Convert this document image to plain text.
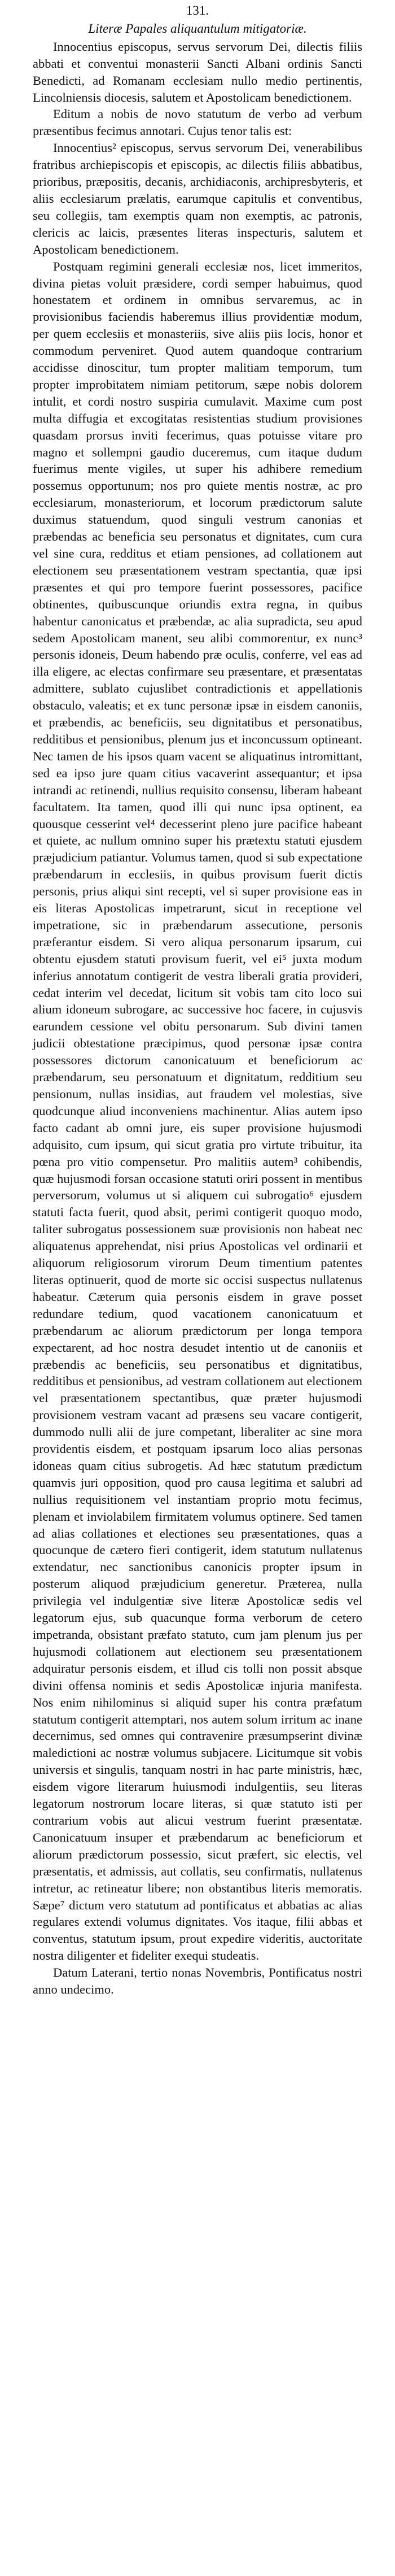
131.
Literæ Papales aliquantulum mitigatoriæ.

Innocentius episcopus, servus servorum Dei, dilectis filiis abbati et conventui monasterii Sancti Albani ordinis Sancti Benedicti, ad Romanam ecclesiam nullo medio pertinentis, Lincolniensis diocesis, salutem et Apostolicam benedictionem.

Editum a nobis de novo statutum de verbo ad verbum præsentibus fecimus annotari. Cujus tenor talis est:

Innocentius² episcopus, servus servorum Dei, venerabilibus fratribus archiepiscopis et episcopis, ac dilectis filiis abbatibus, prioribus, præpositis, decanis, archidiaconis, archipresbyteris, et aliis ecclesiarum prælatis, earumque capitulis et conventibus, seu collegiis, tam exemptis quam non exemptis, ac patronis, clericis ac laicis, præsentes literas inspecturis, salutem et Apostolicam benedictionem.

Postquam regimini generali ecclesiæ nos, licet immeritos, divina pietas voluit præsidere, cordi semper habuimus, quod honestatem et ordinem in omnibus servaremus, ac in provisionibus faciendis haberemus illius providentiæ modum, per quem ecclesiis et monasteriis, sive aliis piis locis, honor et commodum perveniret. Quod autem quandoque contrarium accidisse dinoscitur, tum propter malitiam temporum, tum propter improbitatem nimiam petitorum, sæpe nobis dolorem intulit, et cordi nostro suspiria cumulavit. Maxime cum post multa diffugia et excogitatas resistentias studium provisiones quasdam prorsus inviti fecerimus, quas potuisse vitare pro magno et sollempni gaudio duceremus, cum itaque dudum fuerimus mente vigiles, ut super his adhibere remedium possemus opportunum; nos pro quiete mentis nostræ, ac pro ecclesiarum, monasteriorum, et locorum prædictorum salute duximus statuendum, quod singuli vestrum canonias et præbendas ac beneficia seu personatus et dignitates, cum cura vel sine cura, redditus et etiam pensiones, ad collationem aut electionem seu præsentationem vestram spectantia, quæ ipsi præsentes et qui pro tempore fuerint possessores, pacifice obtinentes, quibuscunque oriundis extra regna, in quibus habentur canonicatus et præbendæ, ac alia supradicta, seu apud sedem Apostolicam manent, seu alibi commorentur, ex nunc³ personis idoneis, Deum habendo præ oculis, conferre, vel eas ad illa eligere, ac electas confirmare seu præsentare, et præsentatas admittere, sublato cujuslibet contradictionis et appellationis obstaculo, valeatis; et ex tunc personæ ipsæ in eisdem canoniis, et præbendis, ac beneficiis, seu dignitatibus et personatibus, redditibus et pensionibus, plenum jus et inconcussum optineant. Nec tamen de his ipsos quam vacent se aliquatinus intromittant, sed ea ipso jure quam citius vacaverint assequantur; et ipsa intrandi ac retinendi, nullius requisito consensu, liberam habeant facultatem. Ita tamen, quod illi qui nunc ipsa optinent, ea quousque cesserint vel⁴ decesserint pleno jure pacifice habeant et quiete, ac nullum omnino super his prætextu statuti ejusdem præjudicium patiantur. Volumus tamen, quod si sub expectatione præbendarum in ecclesiis, in quibus provisum fuerit dictis personis, prius aliqui sint recepti, vel si super provisione eas in eis literas Apostolicas impetrarunt, sicut in receptione vel impetratione, sic in præbendarum assecutione, personis præferantur eisdem. Si vero aliqua personarum ipsarum, cui obtentu ejusdem statuti provisum fuerit, vel ei⁵ juxta modum inferius annotatum contigerit de vestra liberali gratia provideri, cedat interim vel decedat, licitum sit vobis tam cito loco sui alium idoneum subrogare, ac successive hoc facere, in cujusvis earundem cessione vel obitu personarum. Sub divini tamen judicii obtestatione præcipimus, quod personæ ipsæ contra possessores dictorum canonicatuum et beneficiorum ac præbendarum, seu personatuum et dignitatum, redditium seu pensionum, nullas insidias, aut fraudem vel molestias, sive quodcunque aliud inconveniens machinentur. Alias autem ipso facto cadant ab omni jure, eis super provisione hujusmodi adquisito, cum ipsum, qui sicut gratia pro virtute tribuitur, ita pœna pro vitio compensetur. Pro malitiis autem³ cohibendis, quæ hujusmodi forsan occasione statuti oriri possent in mentibus perversorum, volumus ut si aliquem cui subrogatio⁶ ejusdem statuti facta fuerit, quod absit, perimi contigerit quoquo modo, taliter subrogatus possessionem suæ provisionis non habeat nec aliquatenus apprehendat, nisi prius Apostolicas vel ordinarii et aliquorum religiosorum virorum Deum timentium patentes literas optinuerit, quod de morte sic occisi suspectus nullatenus habeatur. Cæterum quia personis eisdem in grave posset redundare tedium, quod vacationem canonicatuum et præbendarum ac aliorum prædictorum per longa tempora expectarent, ad hoc nostra desudet intentio ut de canoniis et præbendis ac beneficiis, seu personatibus et dignitatibus, redditibus et pensionibus, ad vestram collationem aut electionem vel præsentationem spectantibus, quæ præter hujusmodi provisionem vestram vacant ad præsens seu vacare contigerit, dummodo nulli alii de jure competant, liberaliter ac sine mora providentis eisdem, et postquam ipsarum loco alias personas idoneas quam citius subrogetis. Ad hæc statutum prædictum quamvis juri opposition, quod pro causa legitima et salubri ad nullius requisitionem vel instantiam proprio motu fecimus, plenam et inviolabilem firmitatem volumus optinere. Sed tamen ad alias collationes et electiones seu præsentationes, quas a quocunque de cætero fieri contigerit, idem statutum nullatenus extendatur, nec sanctionibus canonicis propter ipsum in posterum aliquod præjudicium generetur. Præterea, nulla privilegia vel indulgentiæ sive literæ Apostolicæ sedis vel legatorum ejus, sub quacunque forma verborum de cetero impetranda, obsistant præfato statuto, cum jam plenum jus per hujusmodi collationem aut electionem seu præsentationem adquiratur personis eisdem, et illud cis tolli non possit absque divini offensa nominis et sedis Apostolicæ injuria manifesta. Nos enim nihilominus si aliquid super his contra præfatum statutum contigerit attemptari, nos autem solum irritum ac inane decernimus, sed omnes qui contravenire præsumpserint divinæ maledictioni ac nostræ volumus subjacere. Licitumque sit vobis universis et singulis, tanquam nostri in hac parte ministris, hæc, eisdem vigore literarum huiusmodi indulgentiis, seu literas legatorum nostrorum locare literas, si quæ statuto isti per contrarium vobis aut alicui vestrum fuerint præsentatæ. Canonicatuum insuper et præbendarum ac beneficiorum et aliorum prædictorum possessio, sicut præfert, sic electis, vel præsentatis, et admissis, aut collatis, seu confirmatis, nullatenus intretur, ac retineatur libere; non obstantibus literis memoratis. Sæpe⁷ dictum vero statutum ad pontificatus et abbatias ac alias regulares extendi volumus dignitates. Vos itaque, filii abbas et conventus, statutum ipsum, prout expedire videritis, auctoritate nostra diligenter et fideliter exequi studeatis.

Datum Laterani, tertio nonas Novembris, Pontificatus nostri anno undecimo.
